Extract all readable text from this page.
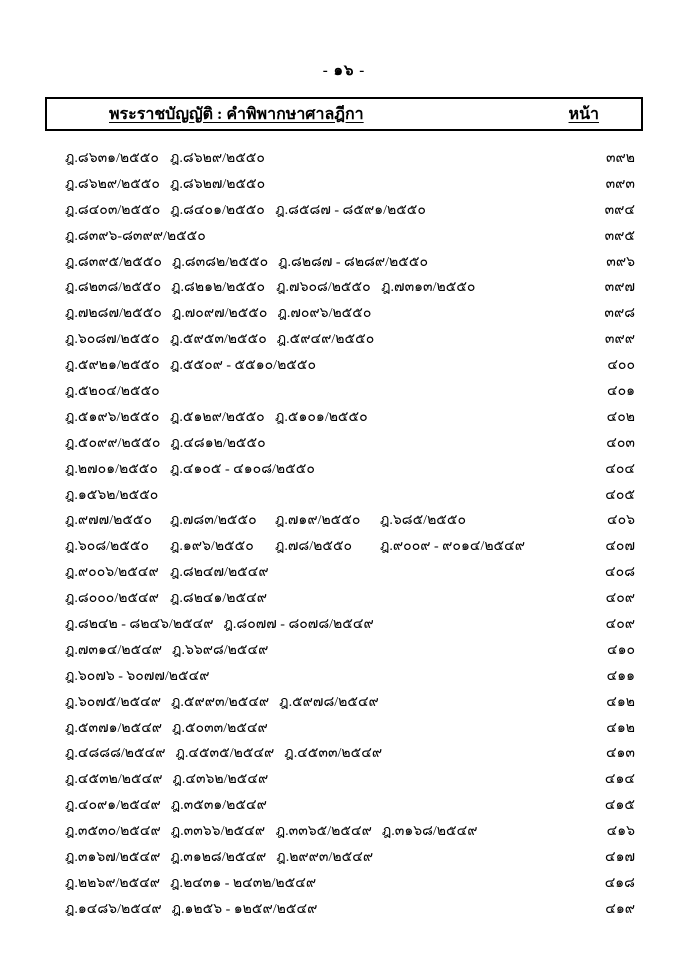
- ๑๖ -
พระราชบัญญัติ : คำพิพากษาศาลฎีกา	หน้า
ฎ.๘๖๓๑/๒๕๕๐ ฎ.๘๖๒๙/๒๕๕๐	๓๙๒
ฎ.๘๖๒๙/๒๕๕๐ ฎ.๘๖๒๗/๒๕๕๐	๓๙๓
ฎ.๘๔๐๓/๒๕๕๐ ฎ.๘๔๐๑/๒๕๕๐ ฎ.๘๕๘๗ - ๘๕๙๑/๒๕๕๐	๓๙๔
ฎ.๘๓๙๖-๘๓๙๙/๒๕๕๐	๓๙๕
ฎ.๘๓๙๕/๒๕๕๐ ฎ.๘๓๘๒/๒๕๕๐ ฎ.๘๒๘๗ - ๘๒๘๙/๒๕๕๐	๓๙๖
ฎ.๘๒๓๘/๒๕๕๐ ฎ.๘๒๑๒/๒๕๕๐ ฎ.๗๖๐๘/๒๕๕๐ ฎ.๗๓๑๓/๒๕๕๐	๓๙๗
ฎ.๗๒๘๗/๒๕๕๐ ฎ.๗๐๙๗/๒๕๕๐ ฎ.๗๐๙๖/๒๕๕๐	๓๙๘
ฎ.๖๐๘๗/๒๕๕๐ ฎ.๕๙๕๓/๒๕๕๐ ฎ.๕๙๔๙/๒๕๕๐	๓๙๙
ฎ.๕๙๒๑/๒๕๕๐ ฎ.๕๕๐๙ - ๕๕๑๐/๒๕๕๐	๔๐๐
ฎ.๕๒๐๔/๒๕๕๐	๔๐๑
ฎ.๕๑๙๖/๒๕๕๐ ฎ.๕๑๒๙/๒๕๕๐ ฎ.๕๑๐๑/๒๕๕๐	๔๐๒
ฎ.๕๐๙๙/๒๕๕๐ ฎ.๔๘๑๒/๒๕๕๐	๔๐๓
ฎ.๒๗๐๑/๒๕๕๐ ฎ.๔๑๐๕ - ๔๑๐๘/๒๕๕๐	๔๐๔
ฎ.๑๕๖๒/๒๕๕๐	๔๐๕
ฎ.๙๗๗/๒๕๕๐	ฎ.๗๘๓/๒๕๕๐	ฎ.๗๑๙/๒๕๕๐	ฎ.๖๘๕/๒๕๕๐	๔๐๖
ฎ.๖๐๘/๒๕๕๐	ฎ.๑๙๖/๒๕๕๐	ฎ.๗๘/๒๕๕๐	ฎ.๙๐๐๙ - ๙๐๑๔/๒๕๔๙	๔๐๗
ฎ.๙๐๐๖/๒๕๔๙ ฎ.๘๒๔๗/๒๕๔๙	๔๐๘
ฎ.๘๐๐๐/๒๕๔๙ ฎ.๘๒๔๑/๒๕๔๙	๔๐๙
ฎ.๘๒๔๒ - ๘๒๔๖/๒๕๔๙ ฎ.๘๐๗๗ - ๘๐๗๘/๒๕๔๙	๔๐๙
ฎ.๗๓๑๔/๒๕๔๙ ฎ.๖๖๙๘/๒๕๔๙	๔๑๐
ฎ.๖๐๗๖ - ๖๐๗๗/๒๕๔๙	๔๑๑
ฎ.๖๐๗๕/๒๕๔๙ ฎ.๕๙๙๓/๒๕๔๙ ฎ.๕๙๗๘/๒๕๔๙	๔๑๒
ฎ.๕๓๗๑/๒๕๔๙ ฎ.๕๐๓๓/๒๕๔๙	๔๑๒
ฎ.๔๘๘๘/๒๕๔๙ ฎ.๔๕๓๕/๒๕๔๙ ฎ.๔๕๓๓/๒๕๔๙	๔๑๓
ฎ.๔๕๓๒/๒๕๔๙ ฎ.๔๓๖๒/๒๕๔๙	๔๑๔
ฎ.๔๐๙๑/๒๕๔๙ ฎ.๓๕๓๑/๒๕๔๙	๔๑๕
ฎ.๓๕๓๐/๒๕๔๙ ฎ.๓๓๖๖/๒๕๔๙ ฎ.๓๓๖๕/๒๕๔๙ ฎ.๓๑๖๘/๒๕๔๙	๔๑๖
ฎ.๓๑๖๗/๒๕๔๙ ฎ.๓๑๒๘/๒๕๔๙ ฎ.๒๙๙๓/๒๕๔๙	๔๑๗
ฎ.๒๒๖๙/๒๕๔๙ ฎ.๒๔๓๑ - ๒๔๓๒/๒๕๔๙	๔๑๘
ฎ.๑๔๘๖/๒๕๔๙ ฎ.๑๒๕๖ - ๑๒๕๙/๒๕๔๙	๔๑๙
